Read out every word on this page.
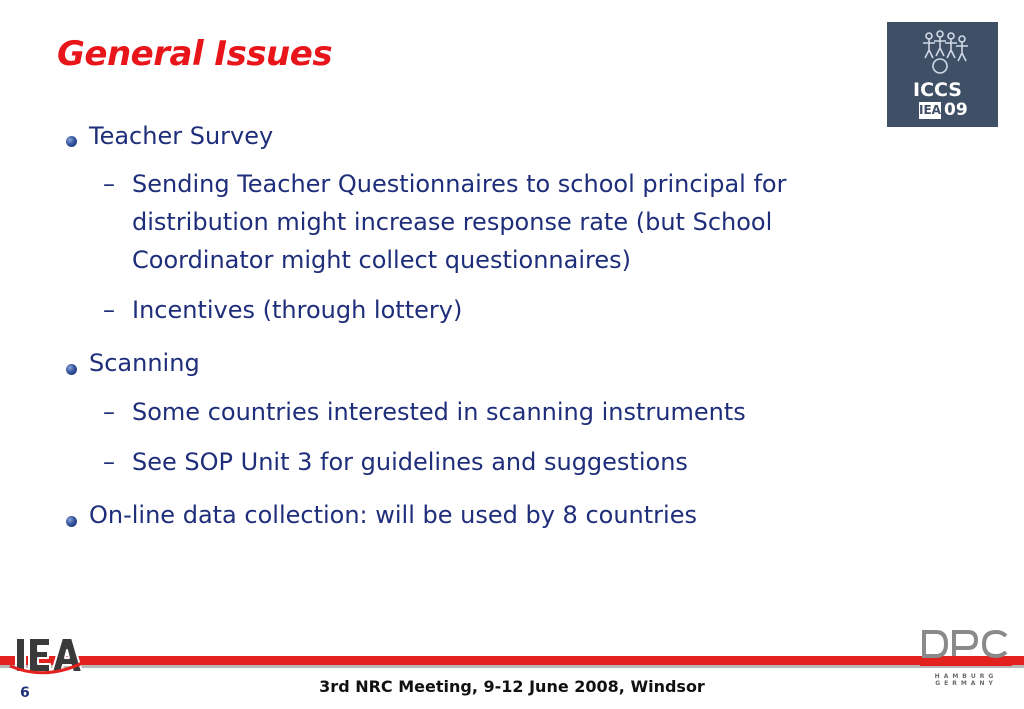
General Issues
ICCS
IEA 09
Teacher Survey
– Sending Teacher Questionnaires to school principal for distribution might increase response rate (but School Coordinator might collect questionnaires)
– Incentives (through lottery)
Scanning
– Some countries interested in scanning instruments
– See SOP Unit 3 for guidelines and suggestions
On-line data collection: will be used by 8 countries
HAMBURG
GERMANY
3rd NRC Meeting, 9-12 June 2008, Windsor
6
